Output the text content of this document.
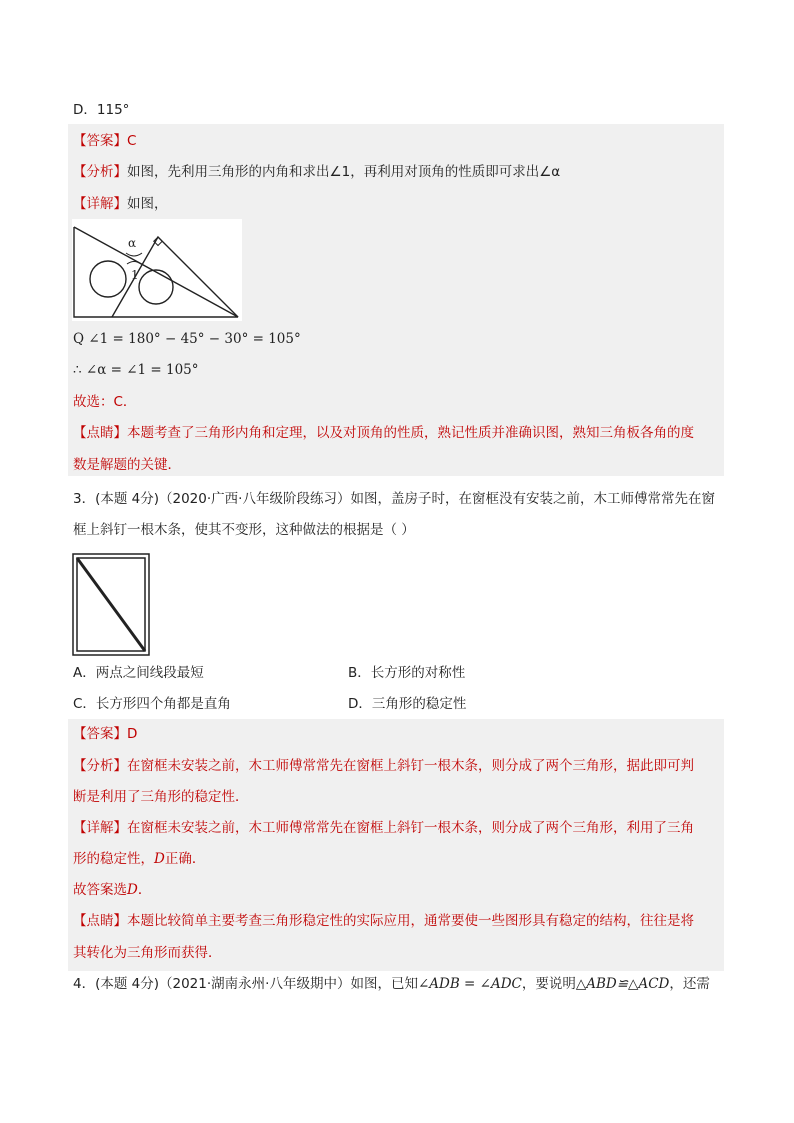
D．115°
【答案】C
【分析】如图，先利用三角形的内角和求出∠1，再利用对顶角的性质即可求出∠α
【详解】如图，
α
1
Q ∠1 = 180° − 45° − 30° = 105°
∴ ∠α = ∠1 = 105°
故选：C．
【点睛】本题考查了三角形内角和定理，以及对顶角的性质，熟记性质并准确识图，熟知三角板各角的度
数是解题的关键．
3．(本题 4分)（2020·广西·八年级阶段练习）如图，盖房子时，在窗框没有安装之前，木工师傅常常先在窗
框上斜钉一根木条，使其不变形，这种做法的根据是（ ）
A．两点之间线段最短	B．长方形的对称性
C．长方形四个角都是直角	D．三角形的稳定性
【答案】D
【分析】在窗框未安装之前，木工师傅常常先在窗框上斜钉一根木条，则分成了两个三角形，据此即可判
断是利用了三角形的稳定性．
【详解】在窗框未安装之前，木工师傅常常先在窗框上斜钉一根木条，则分成了两个三角形，利用了三角
形的稳定性，D正确．
故答案选D．
【点睛】本题比较简单主要考查三角形稳定性的实际应用，通常要使一些图形具有稳定的结构，往往是将
其转化为三角形而获得．
4．(本题 4分)（2021·湖南永州·八年级期中）如图，已知∠ADB = ∠ADC，要说明△ABD≌△ACD，还需
